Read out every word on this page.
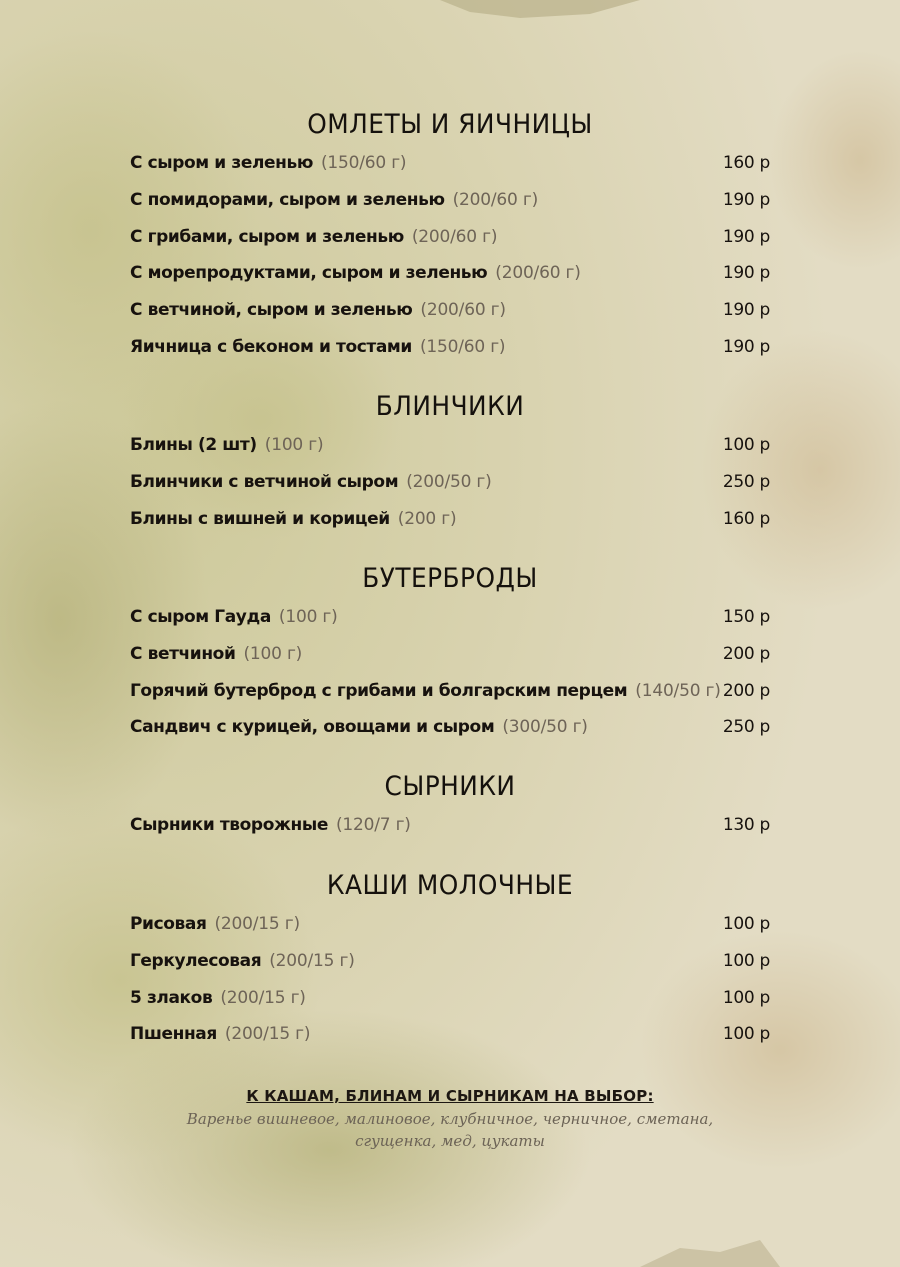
ОМЛЕТЫ И ЯИЧНИЦЫ
С сыром и зеленью (150/60 г)	160 р
С помидорами, сыром и зеленью (200/60 г)	190 р
С грибами, сыром и зеленью (200/60 г)	190 р
С морепродуктами, сыром и зеленью (200/60 г)	190 р
С ветчиной, сыром и зеленью (200/60 г)	190 р
Яичница с беконом и тостами (150/60 г)	190 р
БЛИНЧИКИ
Блины (2 шт) (100 г)	100 р
Блинчики с ветчиной сыром (200/50 г)	250 р
Блины с вишней и корицей (200 г)	160 р
БУТЕРБРОДЫ
С сыром Гауда (100 г)	150 р
С ветчиной (100 г)	200 р
Горячий бутерброд с грибами и болгарским перцем (140/50 г) 200 р
Сандвич с курицей, овощами и сыром (300/50 г)	250 р
СЫРНИКИ
Сырники творожные (120/7 г)	130 р
КАШИ МОЛОЧНЫЕ
Рисовая (200/15 г)	100 р
Геркулесовая (200/15 г)	100 р
5 злаков (200/15 г)	100 р
Пшенная (200/15 г)	100 р
К КАШАМ, БЛИНАМ И СЫРНИКАМ НА ВЫБОР:
Варенье вишневое, малиновое, клубничное, черничное, сметана,
сгущенка, мед, цукаты
